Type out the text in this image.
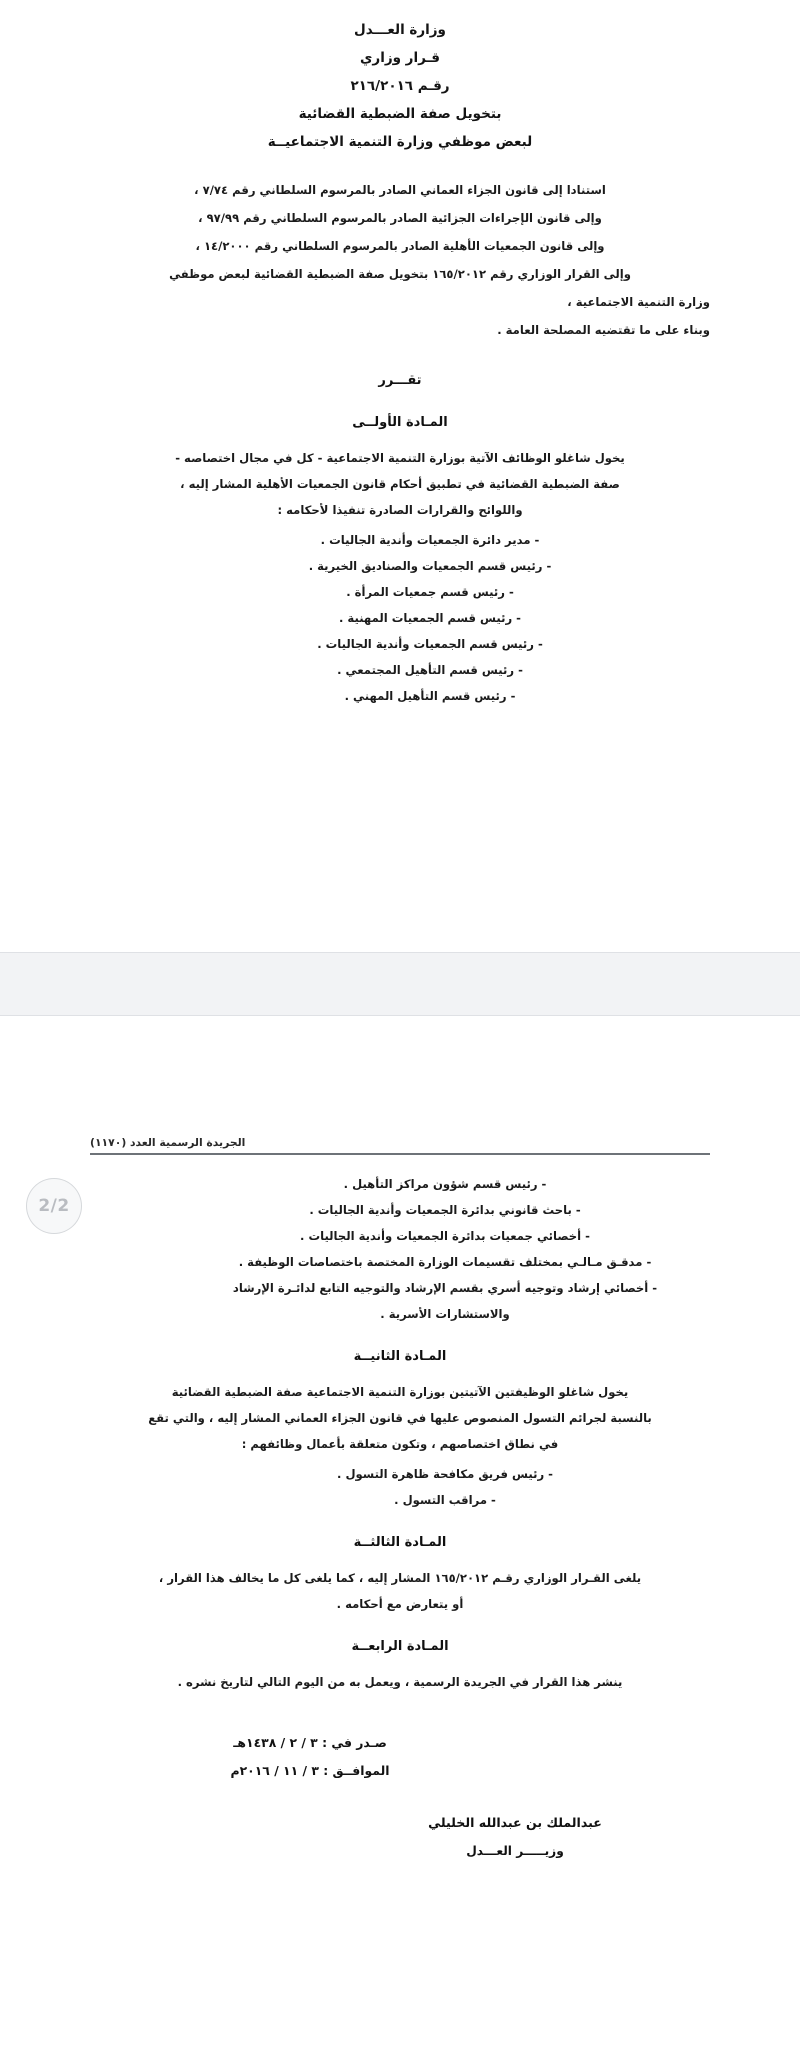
وزارة العـــدل
قـرار وزاري
رقـم ٢١٦/٢٠١٦
بتخويل صفة الضبطية القضائية
لبعض موظفي وزارة التنمية الاجتماعيــة
استنادا إلى قانون الجزاء العماني الصادر بالمرسوم السلطاني رقم ٧/٧٤ ،
وإلى قانون الإجراءات الجزائية الصادر بالمرسوم السلطاني رقم ٩٧/٩٩ ،
وإلى قانون الجمعيات الأهلية الصادر بالمرسوم السلطاني رقم ١٤/٢٠٠٠ ،
وإلى القرار الوزاري رقم ١٦٥/٢٠١٢ بتخويل صفة الضبطية القضائية لبعض موظفي
وزارة التنمية الاجتماعية ،
وبناء على ما تقتضيه المصلحة العامة .
تقـــرر
المـادة الأولــى
يخول شاغلو الوظائف الآتية بوزارة التنمية الاجتماعية - كل في مجال اختصاصه -
صفة الضبطية القضائية في تطبيق أحكام قانون الجمعيات الأهلية المشار إليه ،
واللوائح والقرارات الصادرة تنفيذا لأحكامه :
- مدير دائرة الجمعيات وأندية الجاليات .
- رئيس قسم الجمعيات والصناديق الخيرية .
- رئيس قسم جمعيات المرأة .
- رئيس قسم الجمعيات المهنية .
- رئيس قسم الجمعيات وأندية الجاليات .
- رئيس قسم التأهيل المجتمعي .
- رئيس قسم التأهيل المهني .
الجريدة الرسمية العدد (١١٧٠)
- رئيس قسم شؤون مراكز التأهيل .
- باحث قانوني بدائرة الجمعيات وأندية الجاليات .
- أخصائي جمعيات بدائرة الجمعيات وأندية الجاليات .
- مدقـق مـالـي بمختلف تقسيمات الوزارة المختصة باختصاصات الوظيفة .
- أخصائي إرشاد وتوجيه أسري بقسم الإرشاد والتوجيه التابع لدائـرة الإرشاد
والاستشارات الأسرية .
المـادة الثانيــة
يخول شاغلو الوظيفتين الآتيتين بوزارة التنمية الاجتماعية صفة الضبطية القضائية
بالنسبة لجرائم التسول المنصوص عليها في قانون الجزاء العماني المشار إليه ، والتي تقع
في نطاق اختصاصهم ، وتكون متعلقة بأعمال وظائفهم :
- رئيس فريق مكافحة ظاهرة التسول .
- مراقب التسول .
المـادة الثالثــة
يلغى القـرار الوزاري رقـم ١٦٥/٢٠١٢ المشار إليه ، كما يلغى كل ما يخالف هذا القرار ،
أو يتعارض مع أحكامه .
المـادة الرابعــة
ينشر هذا القرار في الجريدة الرسمية ، ويعمل به من اليوم التالي لتاريخ نشره .
صـدر في : ٣ / ٢ / ١٤٣٨هـ
الموافــق : ٣ / ١١ / ٢٠١٦م
عبدالملك بن عبدالله الخليلي
وزيـــــر العـــدل
2/2
